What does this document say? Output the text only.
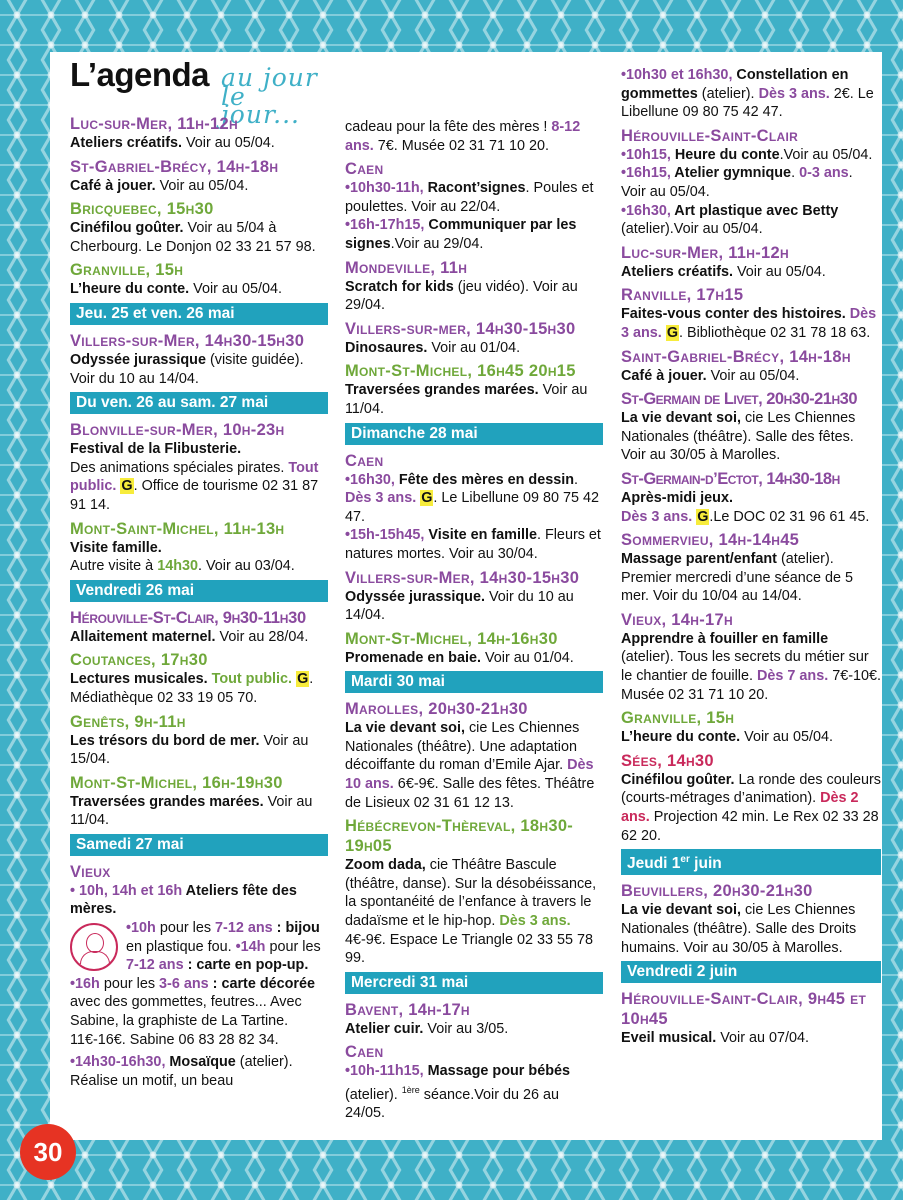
L’agenda au jour le jour...
Luc-sur-Mer, 11h-12h
Ateliers créatifs. Voir au 05/04.
St-Gabriel-Brécy, 14h-18h
Café à jouer. Voir au 05/04.
Bricquebec, 15h30
Cinéfilou goûter. Voir au 5/04 à Cherbourg. Le Donjon 02 33 21 57 98.
Granville, 15h
L’heure du conte. Voir au 05/04.
Jeu. 25 et ven. 26 mai
Villers-sur-Mer, 14h30-15h30
Odyssée jurassique (visite guidée). Voir du 10 au 14/04.
Du ven. 26 au sam. 27 mai
Blonville-sur-Mer, 10h-23h
Festival de la Flibusterie.
Des animations spéciales pirates. Tout public. G. Office de tourisme 02 31 87 91 14.
Mont-Saint-Michel, 11h-13h
Visite famille.
Autre visite à 14h30. Voir au 03/04.
Vendredi 26 mai
Hérouville-St-Clair, 9h30-11h30
Allaitement maternel. Voir au 28/04.
Coutances, 17h30
Lectures musicales. Tout public. G. Médiathèque 02 33 19 05 70.
Genêts, 9h-11h
Les trésors du bord de mer. Voir au 15/04.
Mont-St-Michel, 16h-19h30
Traversées grandes marées. Voir au 11/04.
Samedi 27 mai
Vieux
• 10h, 14h et 16h Ateliers fête des mères.
•10h pour les 7-12 ans : bijou en plastique fou. •14h pour les 7-12 ans : carte en pop-up. •16h pour les 3-6 ans : carte décorée avec des gommettes, feutres... Avec Sabine, la graphiste de La Tartine. 11€-16€. Sabine 06 83 28 82 34.
•14h30-16h30, Mosaïque (atelier). Réalise un motif, un beau
cadeau pour la fête des mères ! 8-12 ans. 7€. Musée 02 31 71 10 20.
Caen
•10h30-11h, Racont’signes. Poules et poulettes. Voir au 22/04.
•16h-17h15, Communiquer par les signes.Voir au 29/04.
Mondeville, 11h
Scratch for kids (jeu vidéo). Voir au 29/04.
Villers-sur-mer, 14h30-15h30
Dinosaures. Voir au 01/04.
Mont-St-Michel, 16h45 20h15
Traversées grandes marées. Voir au 11/04.
Dimanche 28 mai
Caen
•16h30, Fête des mères en dessin. Dès 3 ans. G. Le Libellune 09 80 75 42 47.
•15h-15h45, Visite en famille. Fleurs et natures mortes. Voir au 30/04.
Villers-sur-Mer, 14h30-15h30
Odyssée jurassique. Voir du 10 au 14/04.
Mont-St-Michel, 14h-16h30
Promenade en baie. Voir au 01/04.
Mardi 30 mai
Marolles, 20h30-21h30
La vie devant soi, cie Les Chiennes Nationales (théâtre). Une adaptation décoiffante du roman d’Emile Ajar. Dès 10 ans. 6€-9€. Salle des fêtes. Théâtre de Lisieux 02 31 61 12 13.
Hébécrevon-Thèreval, 18h30-19h05
Zoom dada, cie Théâtre Bascule (théâtre, danse). Sur la désobéissance, la spontanéité de l’enfance à travers le dadaïsme et le hip-hop. Dès 3 ans. 4€-9€. Espace Le Triangle 02 33 55 78 99.
Mercredi 31 mai
Bavent, 14h-17h
Atelier cuir. Voir au 3/05.
Caen
•10h-11h15, Massage pour bébés (atelier). $^{1ère}$ séance.Voir du 26 au 24/05.
•10h30 et 16h30, Constellation en gommettes (atelier). Dès 3 ans. 2€. Le Libellune 09 80 75 42 47.
Hérouville-Saint-Clair
•10h15, Heure du conte.Voir au 05/04.
•16h15, Atelier gymnique. 0-3 ans. Voir au 05/04.
•16h30, Art plastique avec Betty (atelier).Voir au 05/04.
Luc-sur-Mer, 11h-12h
Ateliers créatifs. Voir au 05/04.
Ranville, 17h15
Faites-vous conter des histoires. Dès 3 ans. G. Bibliothèque 02 31 78 18 63.
Saint-Gabriel-Brécy, 14h-18h
Café à jouer. Voir au 05/04.
St-Germain de Livet, 20h30-21h30
La vie devant soi, cie Les Chiennes Nationales (théâtre). Salle des fêtes. Voir au 30/05 à Marolles.
St-Germain-d’Ectot, 14h30-18h
Après-midi jeux.
Dès 3 ans. G.Le DOC 02 31 96 61 45.
Sommervieu, 14h-14h45
Massage parent/enfant (atelier). Premier mercredi d’une séance de 5 mer. Voir du 10/04 au 14/04.
Vieux, 14h-17h
Apprendre à fouiller en famille (atelier). Tous les secrets du métier sur le chantier de fouille. Dès 7 ans. 7€-10€. Musée 02 31 71 10 20.
Granville, 15h
L’heure du conte. Voir au 05/04.
Sées, 14h30
Cinéfilou goûter. La ronde des couleurs (courts-métrages d’animation). Dès 2 ans. Projection 42 min. Le Rex 02 33 28 62 20.
Jeudi 1er juin
Beuvillers, 20h30-21h30
La vie devant soi, cie Les Chiennes Nationales (théâtre). Salle des Droits humains. Voir au 30/05 à Marolles.
Vendredi 2 juin
Hérouville-Saint-Clair, 9h45 et 10h45
Eveil musical. Voir au 07/04.
30
